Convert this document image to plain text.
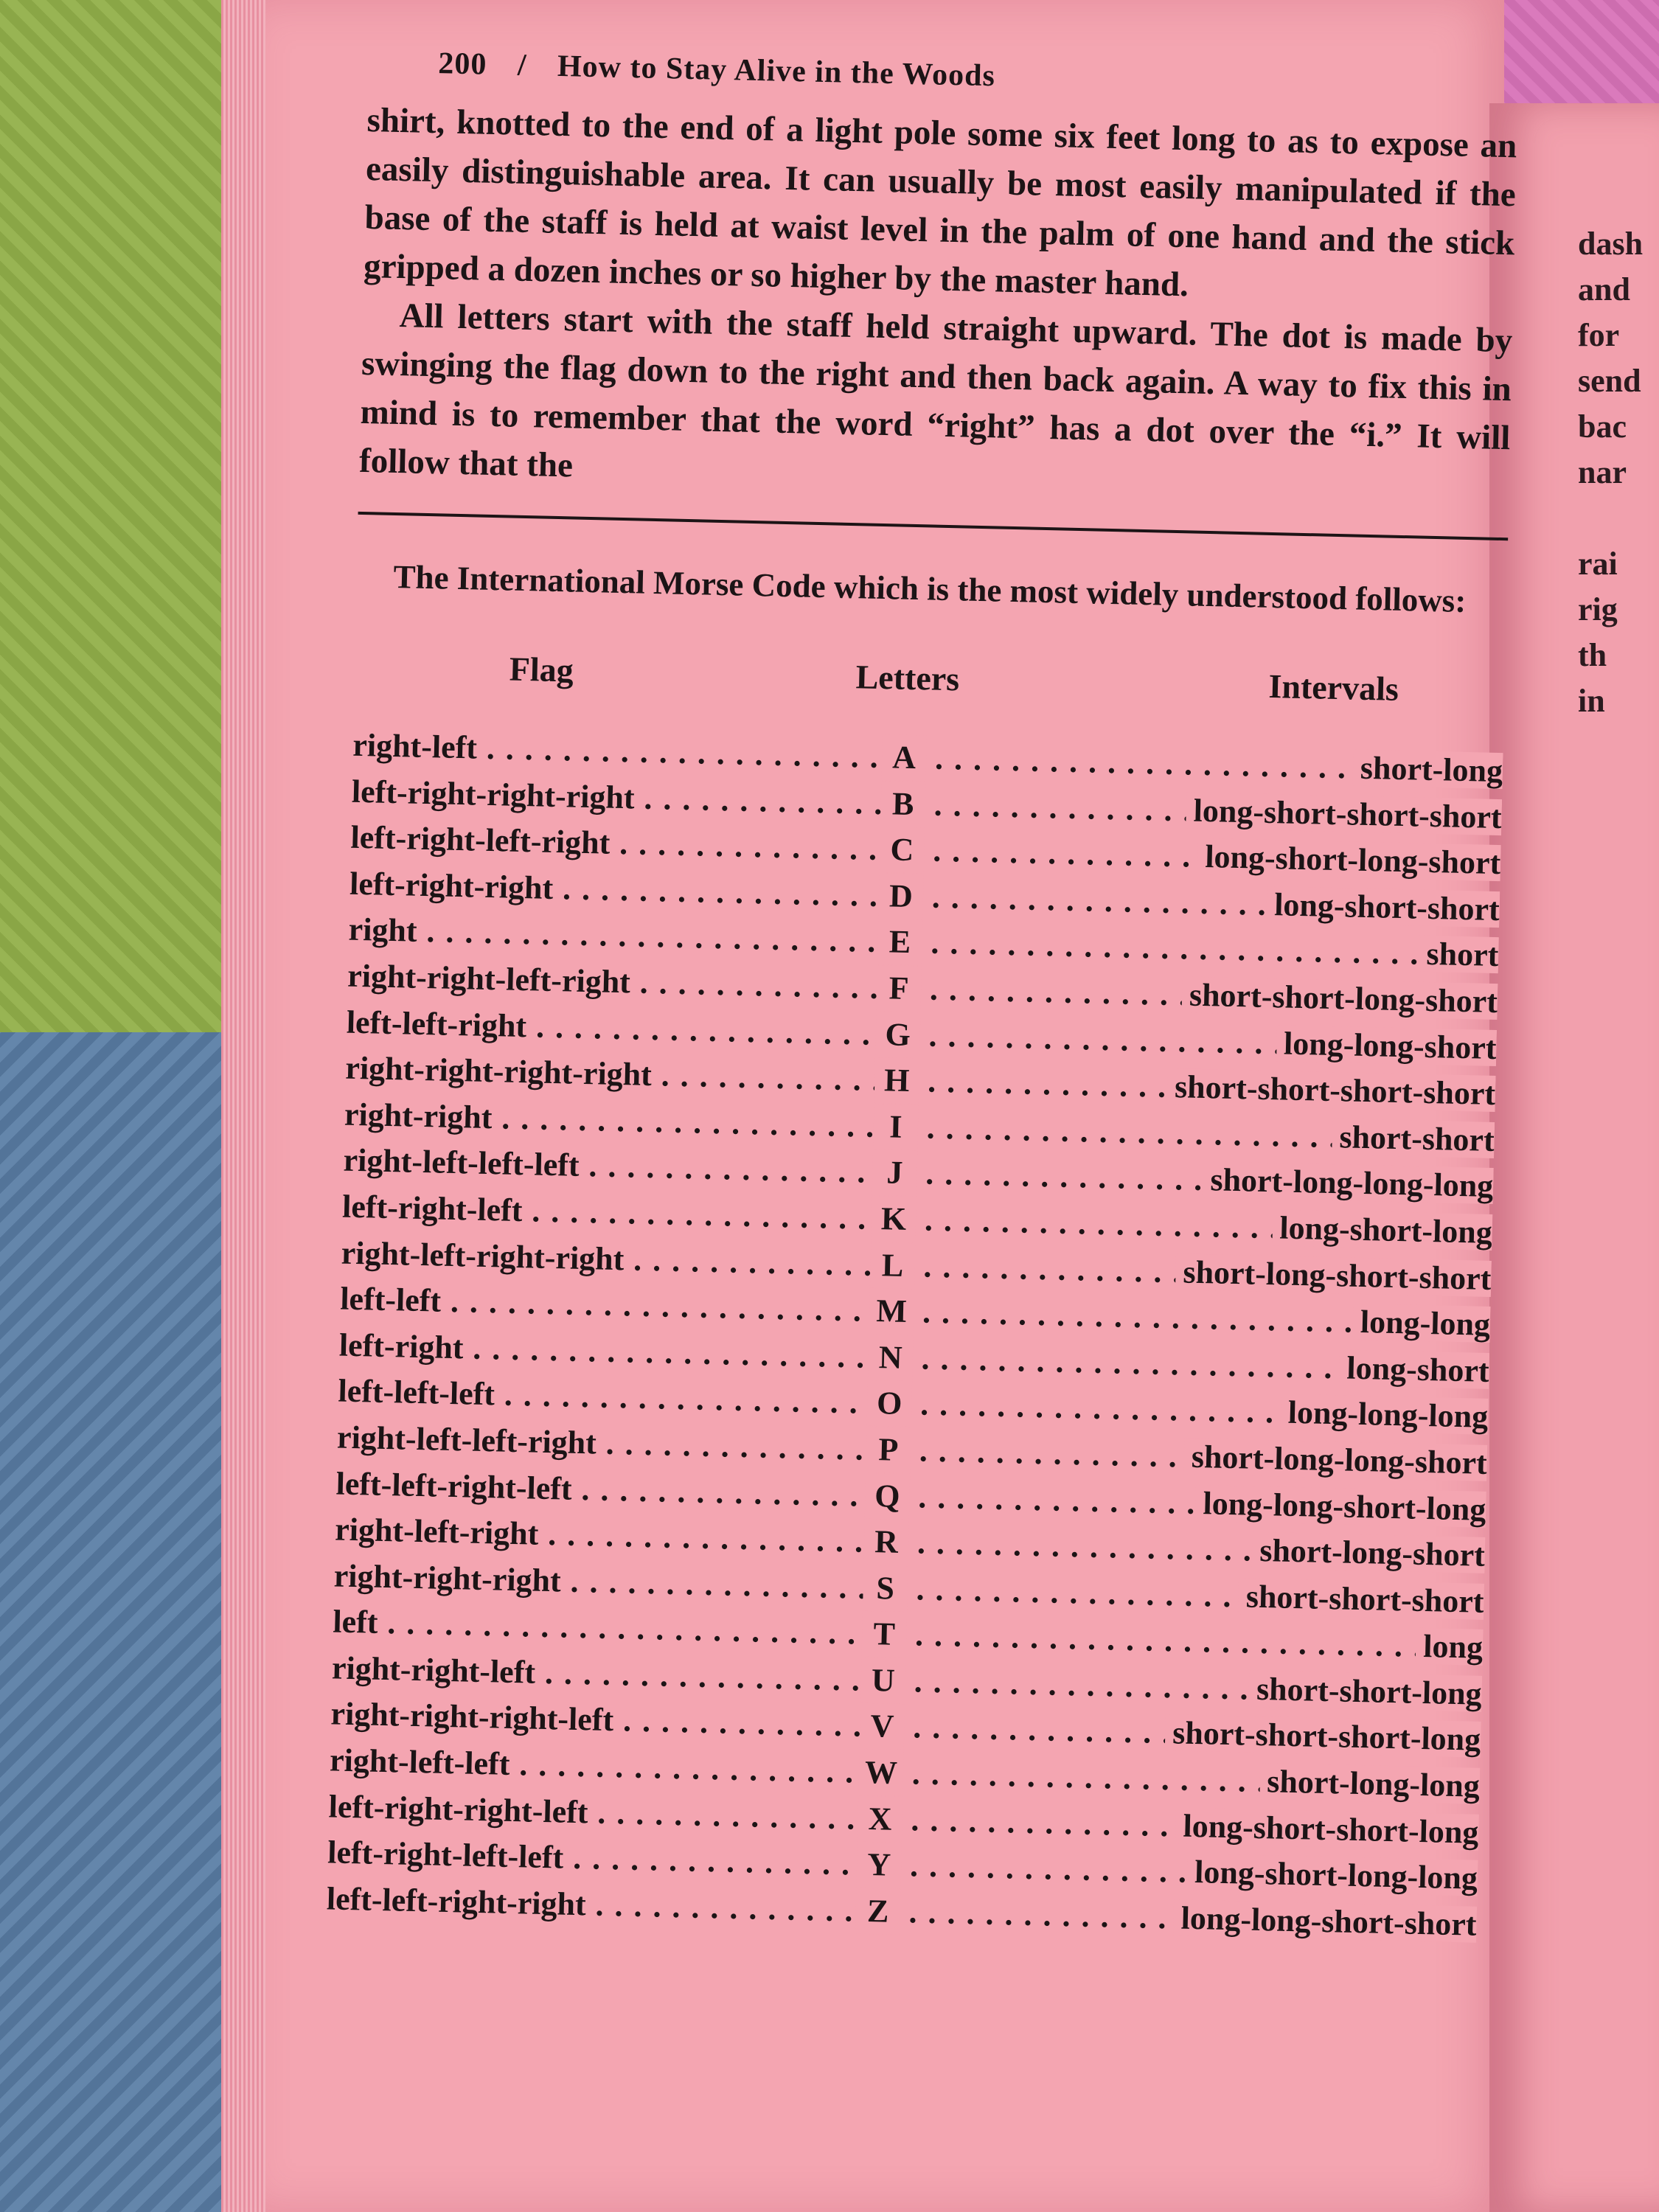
dash
and
for
send
bac
nar
rai
rig
th
in
200 / How to Stay Alive in the Woods

shirt, knotted to the end of a light pole some six feet long to as to expose an easily distinguishable area. It can usually be most easily manipulated if the base of the staff is held at waist level in the palm of one hand and the stick gripped a dozen inches or so higher by the master hand.

All letters start with the staff held straight upward. The dot is made by swinging the flag down to the right and then back again. A way to fix this in mind is to remember that the word “right” has a dot over the “i.” It will follow that the

The International Morse Code which is the most widely understood follows:

Flag	Letters	Intervals
right-left . . .	A	. . . short-long
left-right-right-right . . .	B	. . . long-short-short-short
left-right-left-right . . .	C	. . . long-short-long-short
left-right-right . . .	D	. . . long-short-short
right . . .	E	. . . short
right-right-left-right . . .	F	. . . short-short-long-short
left-left-right . . .	G	. . . long-long-short
right-right-right-right . . .	H	. . . short-short-short-short
right-right . . .	I	. . . short-short
right-left-left-left . . .	J	. . . short-long-long-long
left-right-left . . .	K	. . . long-short-long
right-left-right-right . . .	L	. . . short-long-short-short
left-left . . .	M	. . . long-long
left-right . . .	N	. . . long-short
left-left-left . . .	O	. . . long-long-long
right-left-left-right . . .	P	. . . short-long-long-short
left-left-right-left . . .	Q	. . . long-long-short-long
right-left-right . . .	R	. . . short-long-short
right-right-right . . .	S	. . . short-short-short
left . . .	T	. . . long
right-right-left . . .	U	. . . short-short-long
right-right-right-left . . .	V	. . . short-short-short-long
right-left-left . . .	W	. . . short-long-long
left-right-right-left . . .	X	. . . long-short-short-long
left-right-left-left . . .	Y	. . . long-short-long-long
left-left-right-right . . .	Z	. . . long-long-short-short
